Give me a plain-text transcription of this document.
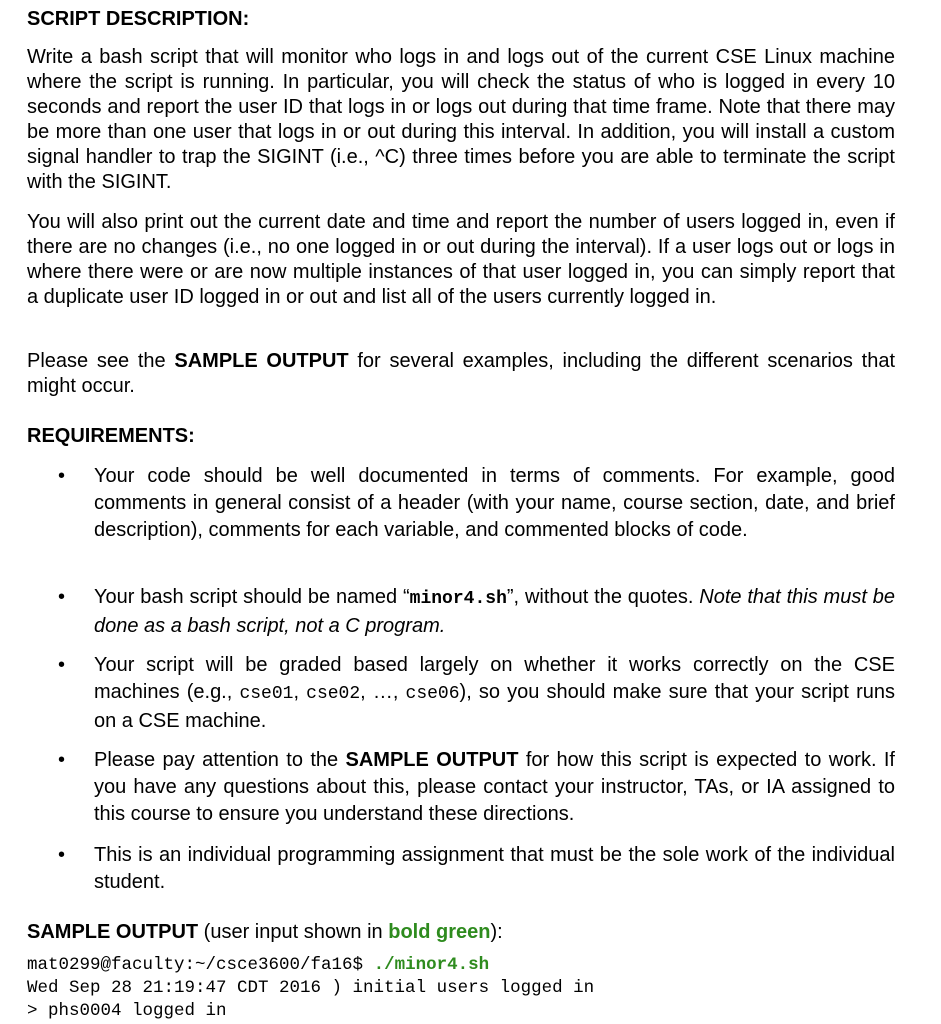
SCRIPT DESCRIPTION:

Write a bash script that will monitor who logs in and logs out of the current CSE Linux machine where the script is running. In particular, you will check the status of who is logged in every 10 seconds and report the user ID that logs in or logs out during that time frame. Note that there may be more than one user that logs in or out during this interval. In addition, you will install a custom signal handler to trap the SIGINT (i.e., ^C) three times before you are able to terminate the script with the SIGINT.

You will also print out the current date and time and report the number of users logged in, even if there are no changes (i.e., no one logged in or out during the interval). If a user logs out or logs in where there were or are now multiple instances of that user logged in, you can simply report that a duplicate user ID logged in or out and list all of the users currently logged in.

Please see the SAMPLE OUTPUT for several examples, including the different scenarios that might occur.

REQUIREMENTS:
• Your code should be well documented in terms of comments. For example, good comments in general consist of a header (with your name, course section, date, and brief description), comments for each variable, and commented blocks of code.
• Your bash script should be named “minor4.sh”, without the quotes. Note that this must be done as a bash script, not a C program.
• Your script will be graded based largely on whether it works correctly on the CSE machines (e.g., cse01, cse02, …, cse06), so you should make sure that your script runs on a CSE machine.
• Please pay attention to the SAMPLE OUTPUT for how this script is expected to work. If you have any questions about this, please contact your instructor, TAs, or IA assigned to this course to ensure you understand these directions.
• This is an individual programming assignment that must be the sole work of the individual student.
SAMPLE OUTPUT (user input shown in bold green):
mat0299@faculty:~/csce3600/fa16$ ./minor4.sh
Wed Sep 28 21:19:47 CDT 2016 ) initial users logged in
> phs0004 logged in
